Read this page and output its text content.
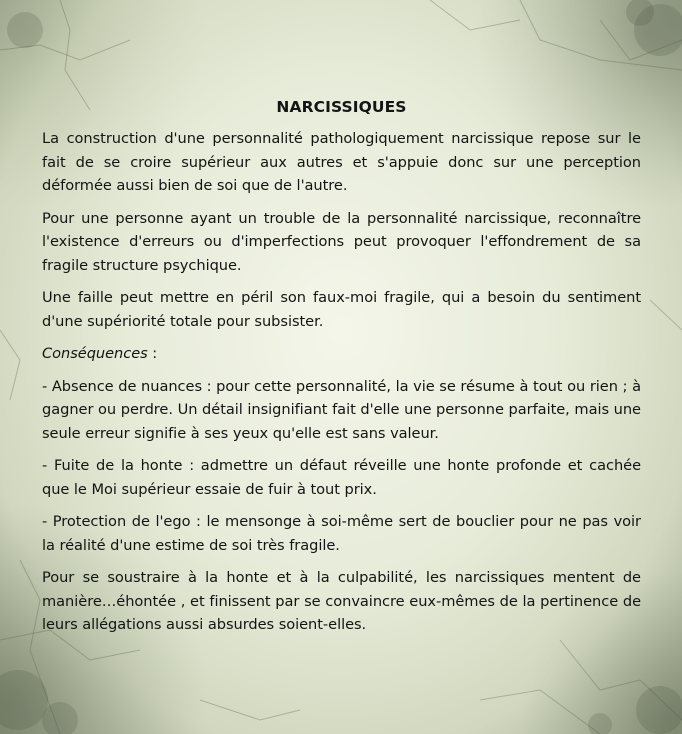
NARCISSIQUES

La construction d'une personnalité pathologiquement narcissique repose sur le fait de se croire supérieur aux autres et s'appuie donc sur une perception déformée aussi bien de soi que de l'autre.

Pour une personne ayant un trouble de la personnalité narcissique, reconnaître l'existence d'erreurs ou d'imperfections peut provoquer l'effondrement de sa fragile structure psychique.

Une faille peut mettre en péril son faux-moi fragile, qui a besoin du sentiment d'une supériorité totale pour subsister.

Conséquences :

- Absence de nuances : pour cette personnalité, la vie se résume à tout ou rien ; à gagner ou perdre. Un détail insignifiant fait d'elle une personne parfaite, mais une seule erreur signifie à ses yeux qu'elle est sans valeur.

- Fuite de la honte : admettre un défaut réveille une honte profonde et cachée que le Moi supérieur essaie de fuir à tout prix.

- Protection de l'ego : le mensonge à soi-même sert de bouclier pour ne pas voir la réalité d'une estime de soi très fragile.

Pour se soustraire à la honte et à la culpabilité, les narcissiques mentent de manière…éhontée , et finissent par se convaincre eux-mêmes de la pertinence de leurs allégations aussi absurdes soient-elles.
